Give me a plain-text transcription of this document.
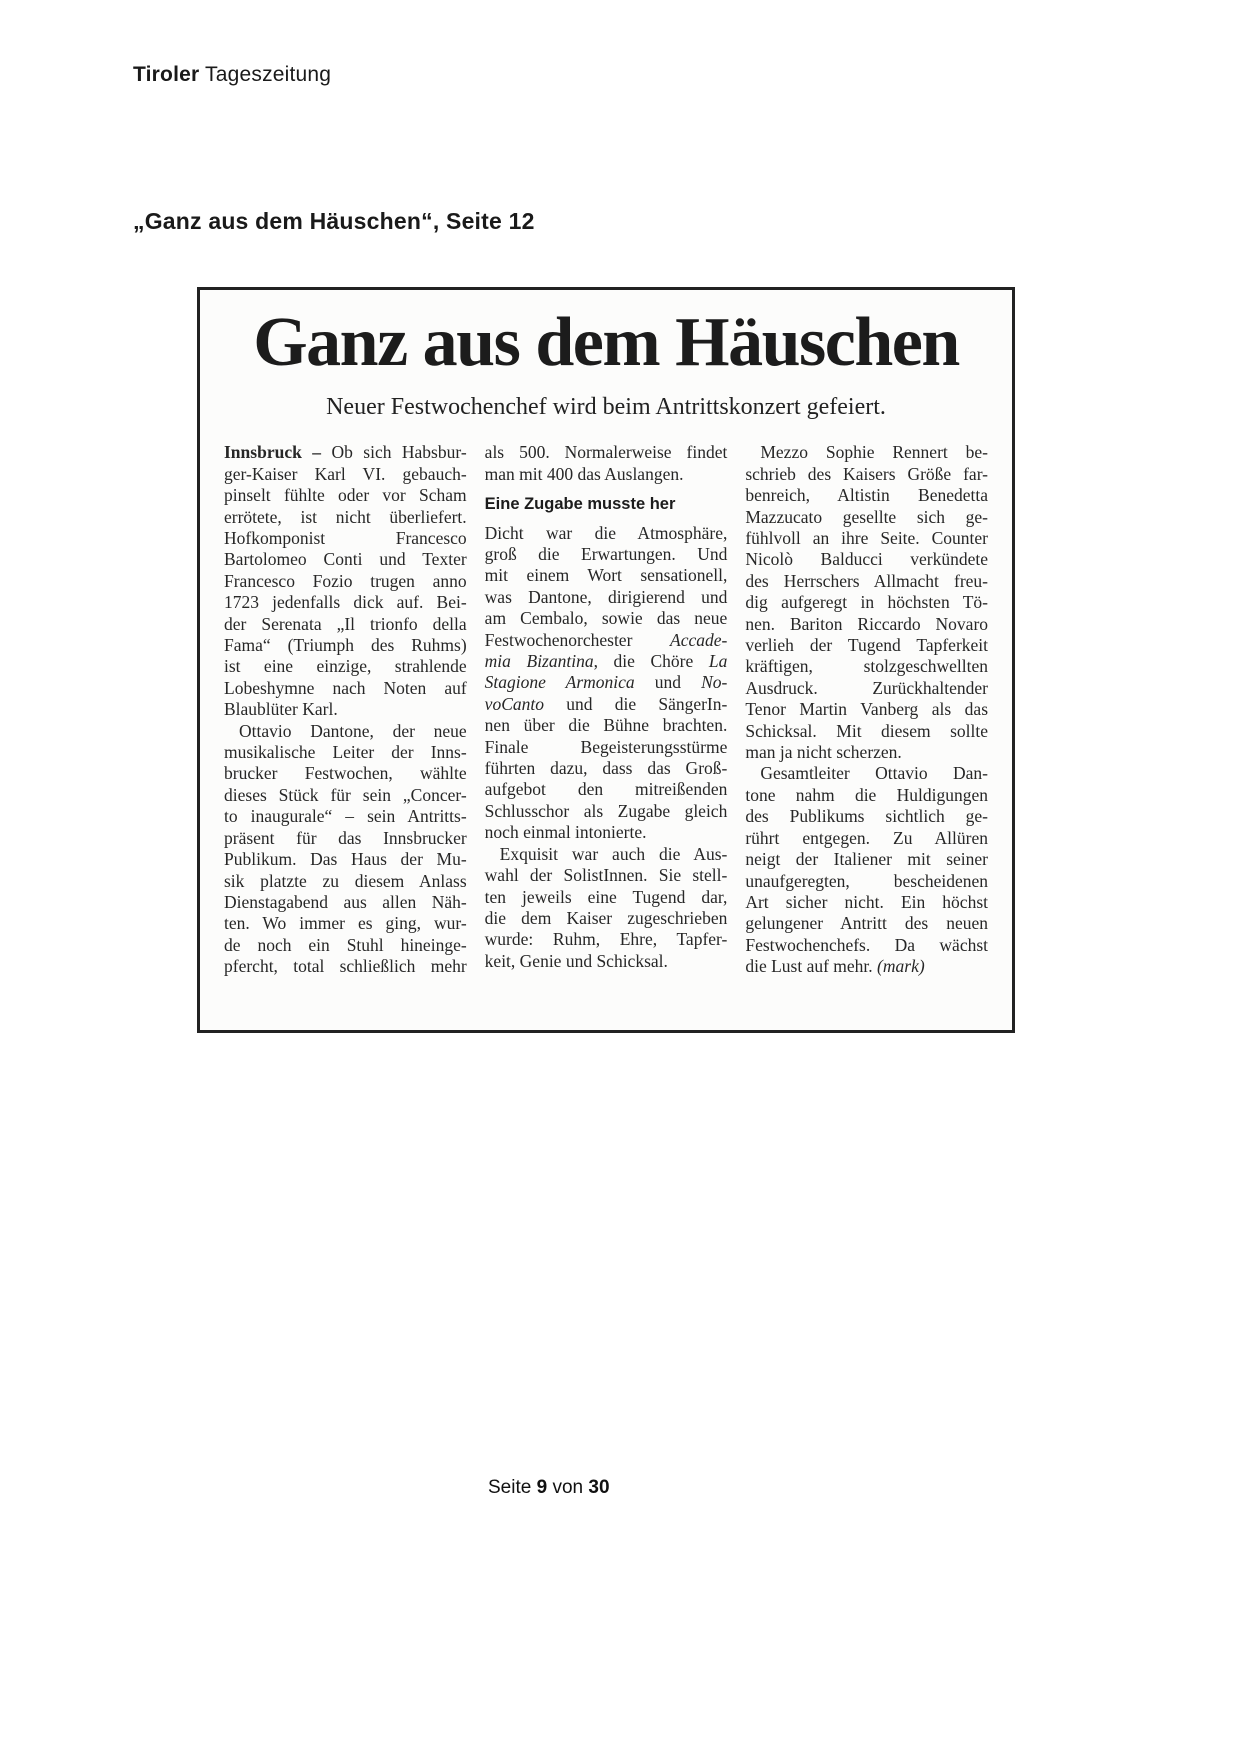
Tiroler Tageszeitung
„Ganz aus dem Häuschen“, Seite 12
Ganz aus dem Häuschen
Neuer Festwochenchef wird beim Antrittskonzert gefeiert.
Innsbruck – Ob sich Habsbur-
ger-Kaiser Karl VI. gebauch-
pinselt fühlte oder vor Scham
errötete, ist nicht überliefert.
Hofkomponist Francesco
Bartolomeo Conti und Texter
Francesco Fozio trugen anno
1723 jedenfalls dick auf. Bei-
der Serenata „Il trionfo della
Fama“ (Triumph des Ruhms)
ist eine einzige, strahlende
Lobeshymne nach Noten auf
Blaublüter Karl.
Ottavio Dantone, der neue
musikalische Leiter der Inns-
brucker Festwochen, wählte
dieses Stück für sein „Concer-
to inaugurale“ – sein Antritts-
präsent für das Innsbrucker
Publikum. Das Haus der Mu-
sik platzte zu diesem Anlass
Dienstagabend aus allen Näh-
ten. Wo immer es ging, wur-
de noch ein Stuhl hineinge-
pfercht, total schließlich mehr
als 500. Normalerweise findet
man mit 400 das Auslangen.
Eine Zugabe musste her
Dicht war die Atmosphäre,
groß die Erwartungen. Und
mit einem Wort sensationell,
was Dantone, dirigierend und
am Cembalo, sowie das neue
Festwochenorchester Accade-
mia Bizantina, die Chöre La
Stagione Armonica und No-
voCanto und die SängerIn-
nen über die Bühne brachten.
Finale Begeisterungsstürme
führten dazu, dass das Groß-
aufgebot den mitreißenden
Schlusschor als Zugabe gleich
noch einmal intonierte.
Exquisit war auch die Aus-
wahl der SolistInnen. Sie stell-
ten jeweils eine Tugend dar,
die dem Kaiser zugeschrieben
wurde: Ruhm, Ehre, Tapfer-
keit, Genie und Schicksal.
Mezzo Sophie Rennert be-
schrieb des Kaisers Größe far-
benreich, Altistin Benedetta
Mazzucato gesellte sich ge-
fühlvoll an ihre Seite. Counter
Nicolò Balducci verkündete
des Herrschers Allmacht freu-
dig aufgeregt in höchsten Tö-
nen. Bariton Riccardo Novaro
verlieh der Tugend Tapferkeit
kräftigen, stolzgeschwellten
Ausdruck. Zurückhaltender
Tenor Martin Vanberg als das
Schicksal. Mit diesem sollte
man ja nicht scherzen.
Gesamtleiter Ottavio Dan-
tone nahm die Huldigungen
des Publikums sichtlich ge-
rührt entgegen. Zu Allüren
neigt der Italiener mit seiner
unaufgeregten, bescheidenen
Art sicher nicht. Ein höchst
gelungener Antritt des neuen
Festwochenchefs. Da wächst
die Lust auf mehr. (mark)
Seite 9 von 30
